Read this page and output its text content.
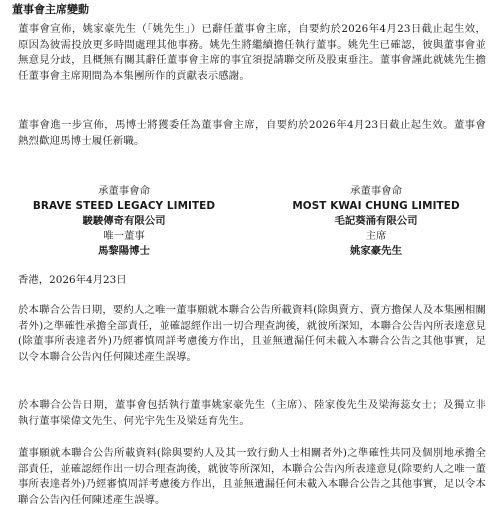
董事會主席變動

董事會宣佈，姚家豪先生（「姚先生」）已辭任董事會主席，自要約於2026年4月23日截止起生效，原因為彼需投放更多時間處理其他事務。姚先生將繼續擔任執行董事。姚先生已確認，彼與董事會並無意見分歧，且概無有關其辭任董事會主席的事宜須提請聯交所及股東垂注。董事會謹此就姚先生擔任董事會主席期間為本集團所作的貢獻表示感謝。

董事會進一步宣佈，馬博士將獲委任為董事會主席，自要約於2026年4月23日截止起生效。董事會熱烈歡迎馬博士履任新職。

承董事會命
BRAVE STEED LEGACY LIMITED
駿駿傳奇有限公司
唯一董事
馬黎陽博士
承董事會命
MOST KWAI CHUNG LIMITED
毛記葵涌有限公司
主席
姚家豪先生
香港，2026年4月23日

於本聯合公告日期，要約人之唯一董事願就本聯合公告所載資料(除與賣方、賣方擔保人及本集團相關者外)之準確性承擔全部責任，並確認經作出一切合理查詢後，就彼所深知，本聯合公告內所表達意見(除董事所表達者外)乃經審慎周詳考慮後方作出，且並無遺漏任何未載入本聯合公告之其他事實，足以令本聯合公告內任何陳述產生誤導。

於本聯合公告日期，董事會包括執行董事姚家豪先生（主席）、陸家俊先生及梁海蕊女士；及獨立非執行董事梁偉文先生、何光宇先生及梁廷育先生。

董事願就本聯合公告所載資料(除與要約人及其一致行動人士相關者外)之準確性共同及個別地承擔全部責任，並確認經作出一切合理查詢後，就彼等所深知，本聯合公告內所表達意見(除要約人之唯一董事所表達者外)乃經審慎周詳考慮後方作出，且並無遺漏任何未載入本聯合公告之其他事實，足以令本聯合公告內任何陳述產生誤導。
